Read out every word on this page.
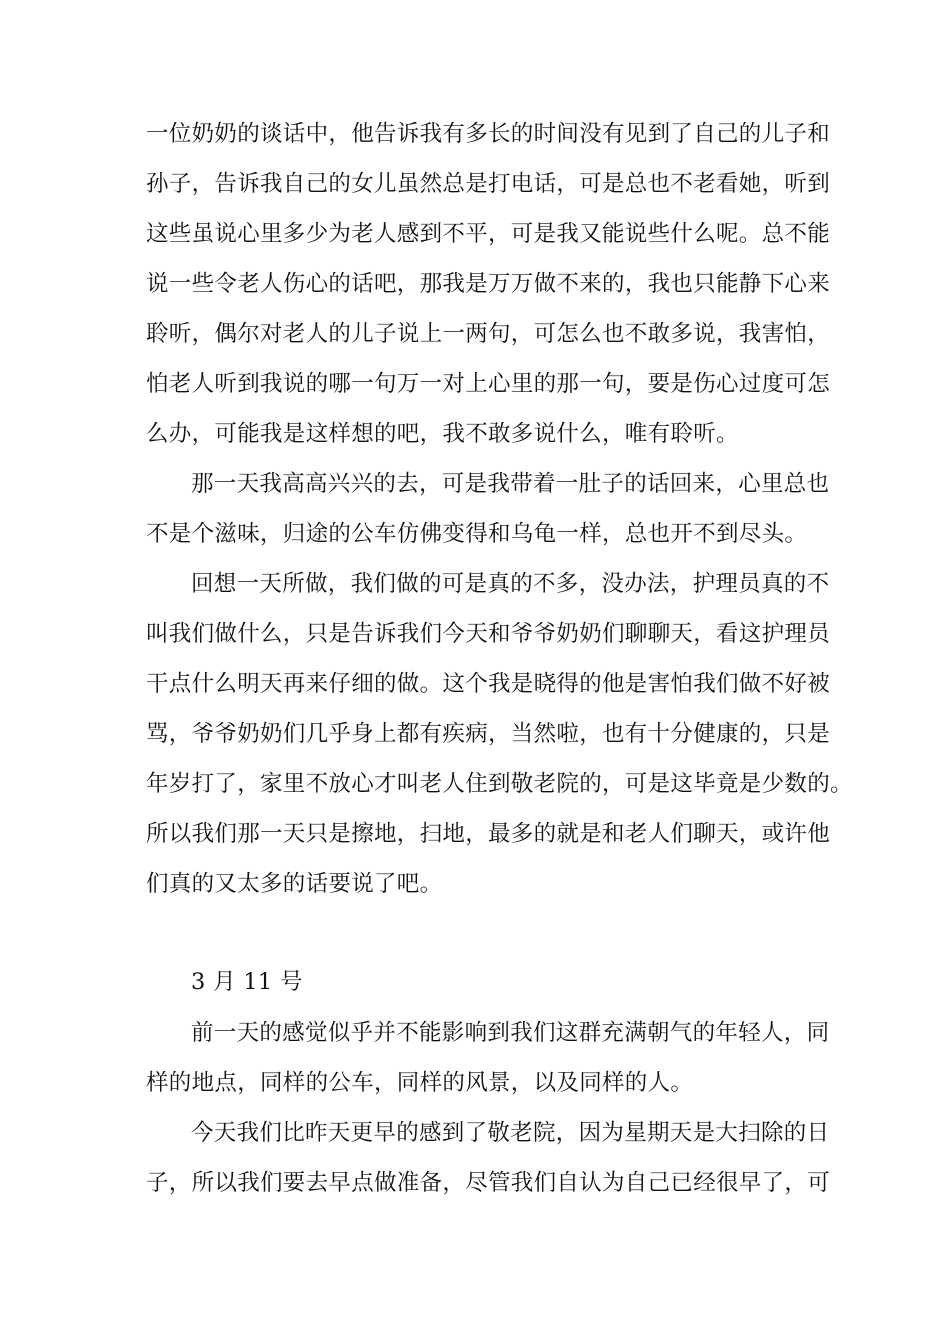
一位奶奶的谈话中，他告诉我有多长的时间没有见到了自己的儿子和
孙子，告诉我自己的女儿虽然总是打电话，可是总也不老看她，听到
这些虽说心里多少为老人感到不平，可是我又能说些什么呢。总不能
说一些令老人伤心的话吧，那我是万万做不来的，我也只能静下心来
聆听，偶尔对老人的儿子说上一两句，可怎么也不敢多说，我害怕，
怕老人听到我说的哪一句万一对上心里的那一句，要是伤心过度可怎
么办，可能我是这样想的吧，我不敢多说什么，唯有聆听。
那一天我高高兴兴的去，可是我带着一肚子的话回来，心里总也
不是个滋味，归途的公车仿佛变得和乌龟一样，总也开不到尽头。
回想一天所做，我们做的可是真的不多，没办法，护理员真的不
叫我们做什么，只是告诉我们今天和爷爷奶奶们聊聊天，看这护理员
干点什么明天再来仔细的做。这个我是晓得的他是害怕我们做不好被
骂，爷爷奶奶们几乎身上都有疾病，当然啦，也有十分健康的，只是
年岁打了，家里不放心才叫老人住到敬老院的，可是这毕竟是少数的。
所以我们那一天只是擦地，扫地，最多的就是和老人们聊天，或许他
们真的又太多的话要说了吧。
3 月 11 号
前一天的感觉似乎并不能影响到我们这群充满朝气的年轻人，同
样的地点，同样的公车，同样的风景，以及同样的人。
今天我们比昨天更早的感到了敬老院，因为星期天是大扫除的日
子，所以我们要去早点做准备，尽管我们自认为自己已经很早了，可
